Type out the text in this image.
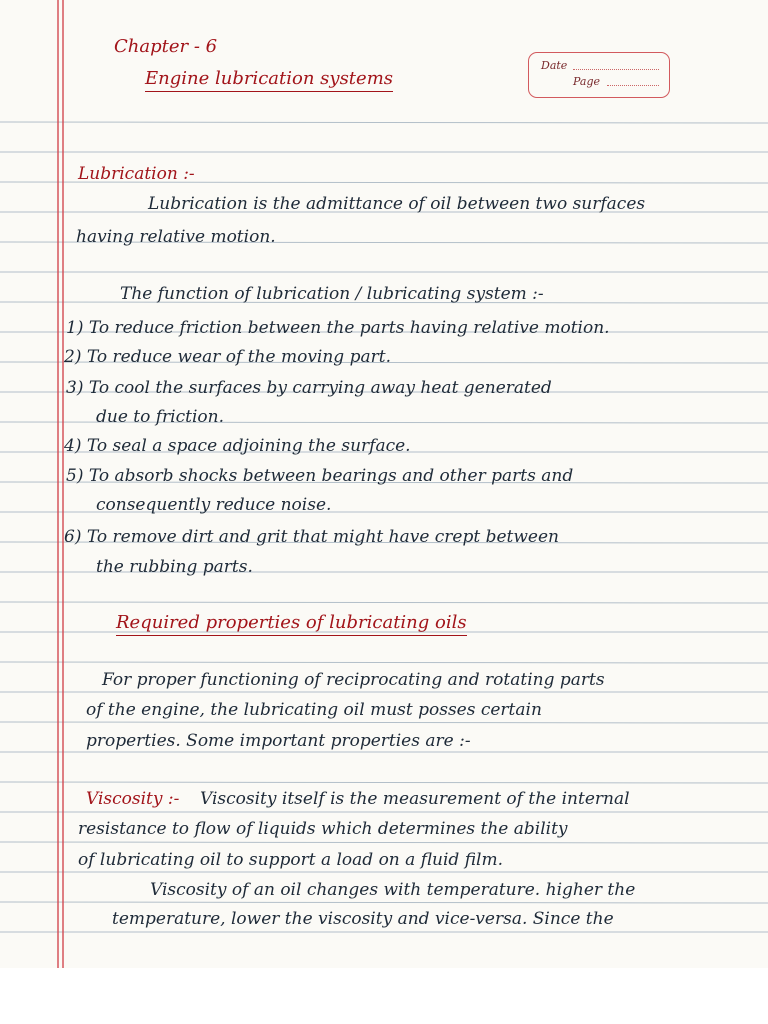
Chapter - 6
Engine lubrication systems
Date
Page
Lubrication :-
Lubrication is the admittance of oil between two surfaces
having relative motion.
The function of lubrication / lubricating system :-
1) To reduce friction between the parts having relative motion.
2) To reduce wear of the moving part.
3) To cool the surfaces by carrying away heat generated
due to friction.
4) To seal a space adjoining the surface.
5) To absorb shocks between bearings and other parts and
consequently reduce noise.
6) To remove dirt and grit that might have crept between
the rubbing parts.
Required properties of lubricating oils
For proper functioning of reciprocating and rotating parts
of the engine, the lubricating oil must posses certain
properties. Some important properties are :-
Viscosity :- Viscosity itself is the measurement of the internal
resistance to flow of liquids which determines the ability
of lubricating oil to support a load on a fluid film.
Viscosity of an oil changes with temperature. higher the
temperature, lower the viscosity and vice-versa. Since the
